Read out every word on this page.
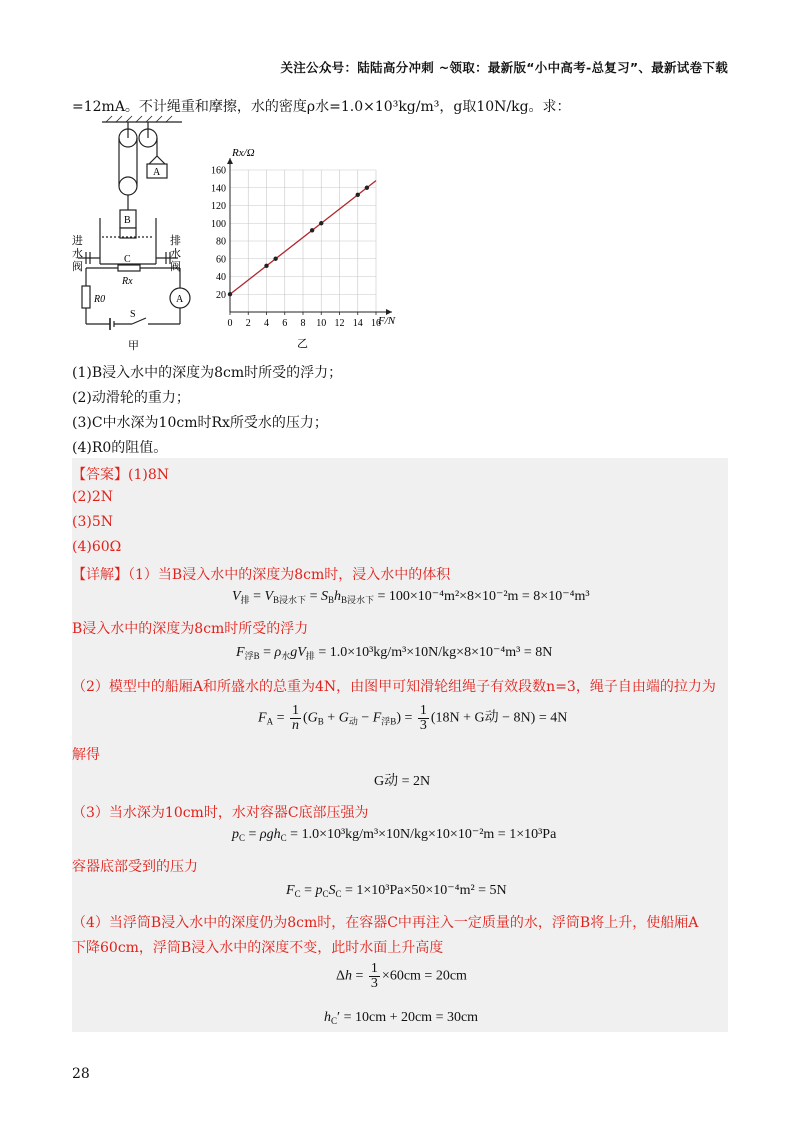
关注公众号：陆陆高分冲刺 ~领取：最新版“小中高考-总复习”、最新试卷下载
=12mA。不计绳重和摩擦，水的密度ρ水=1.0×10³kg/m³，g取10N/kg。求：
A
B
C
Rx
R0	A
S
进
水
阀
排
水
阀
甲
0 2 4 6 8 10 12 14 16
20
40
60
80
100
120
140
160
Rx/Ω
F/N
乙
(1)B浸入水中的深度为8cm时所受的浮力；
(2)动滑轮的重力；
(3)C中水深为10cm时Rx所受水的压力；
(4)R0的阻值。
【答案】(1)8N
(2)2N
(3)5N
(4)60Ω
【详解】（1）当B浸入水中的深度为8cm时，浸入水中的体积
$V_排 = V_{B浸水下} = S_Bh_{B浸水下} = 100\times 10^{-4}m^2\times 8\times 10^{-2}m = 8\times 10^{-4}m^3$
B浸入水中的深度为8cm时所受的浮力
$F_{浮B} = \rho_水gV_排 = 1.0\times 10^3kg/m^3\times 10N/kg\times 8\times 10^{-4}m^3 = 8N$
（2）模型中的船厢A和所盛水的总重为4N，由图甲可知滑轮组绳子有效段数n=3，绳子自由端的拉力为
$F_A = \frac{1}{n} (G_B + G_动 - F_{浮B}) = \frac{1}{3} (18N + G$动 − 8N) = 4N
解得
G动 = 2N
（3）当水深为10cm时，水对容器C底部压强为
$p_C = \rho gh_C = 1.0\times 10^3kg/m^3\times 10N/kg\times 10\times 10^{-2}m = 1\times 10^3Pa$
容器底部受到的压力
$F_C = p_CS_C = 1\times 10^3Pa\times 50\times 10^{-4}m^2 = 5N$
（4）当浮筒B浸入水中的深度仍为8cm时，在容器C中再注入一定质量的水，浮筒B将上升，使船厢A
下降60cm，浮筒B浸入水中的深度不变，此时水面上升高度
$\Delta h = \frac{1}{3} \times 60cm = 20cm$
$h_C' = 10cm + 20cm = 30cm$
28
